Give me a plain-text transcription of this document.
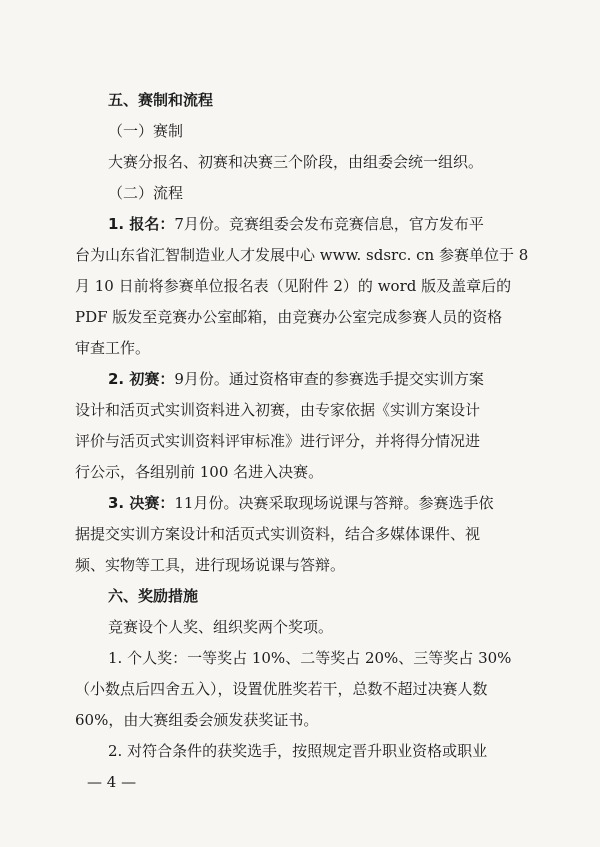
五、赛制和流程
（一）赛制
大赛分报名、初赛和决赛三个阶段，由组委会统一组织。
（二）流程
1. 报名：7月份。竞赛组委会发布竞赛信息，官方发布平
台为山东省汇智制造业人才发展中心 www. sdsrc. cn 参赛单位于 8
月 10 日前将参赛单位报名表（见附件 2）的 word 版及盖章后的
PDF 版发至竞赛办公室邮箱，由竞赛办公室完成参赛人员的资格
审查工作。
2. 初赛：9月份。通过资格审查的参赛选手提交实训方案
设计和活页式实训资料进入初赛，由专家依据《实训方案设计
评价与活页式实训资料评审标准》进行评分，并将得分情况进
行公示，各组别前 100 名进入决赛。
3. 决赛：11月份。决赛采取现场说课与答辩。参赛选手依
据提交实训方案设计和活页式实训资料，结合多媒体课件、视
频、实物等工具，进行现场说课与答辩。
六、奖励措施
竞赛设个人奖、组织奖两个奖项。
1. 个人奖：一等奖占 10%、二等奖占 20%、三等奖占 30%
（小数点后四舍五入），设置优胜奖若干，总数不超过决赛人数
60%，由大赛组委会颁发获奖证书。
2. 对符合条件的获奖选手，按照规定晋升职业资格或职业
— 4 —
